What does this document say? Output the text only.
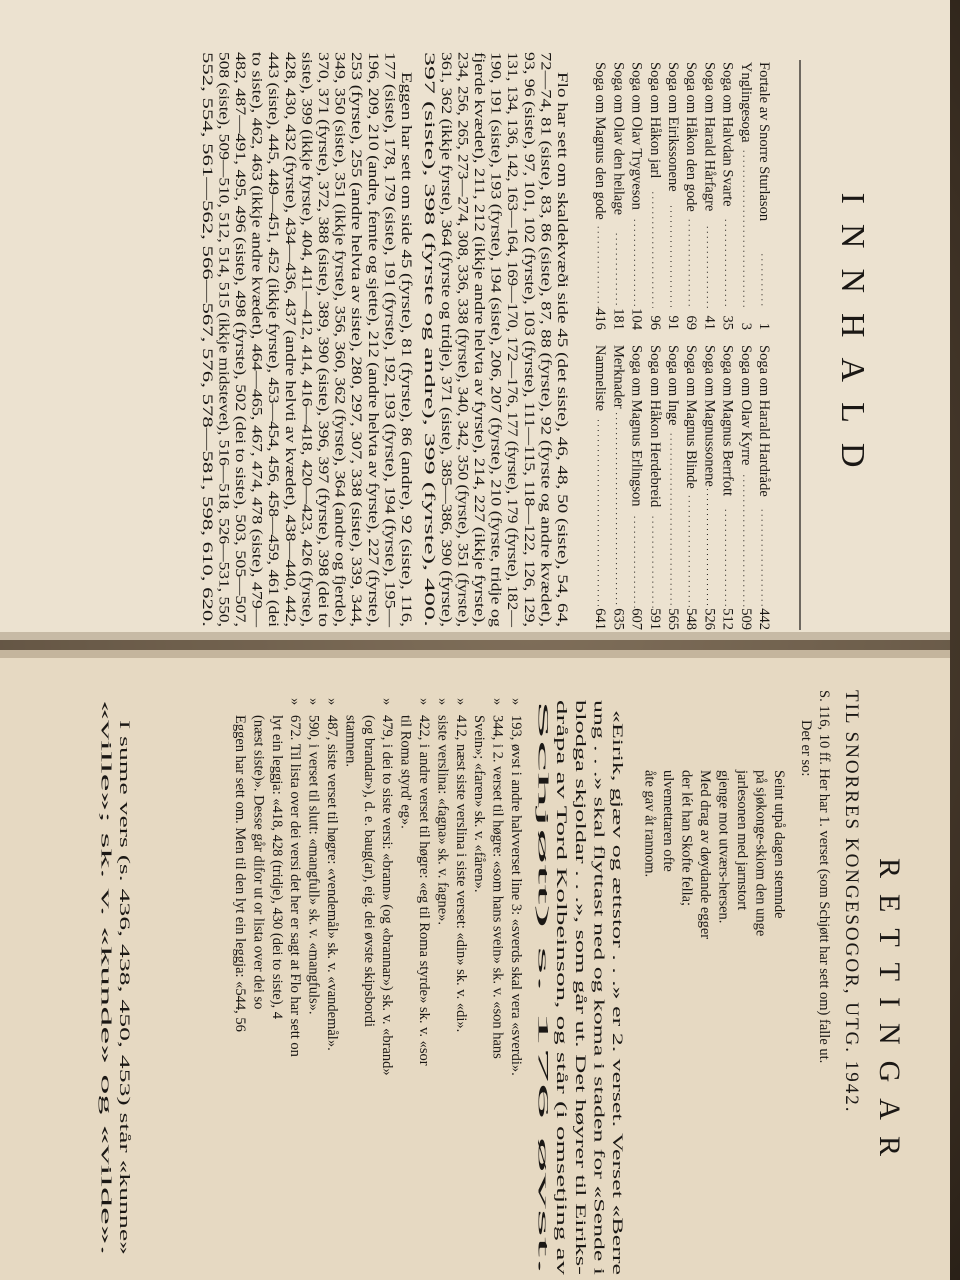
INNHALD
Fortale av Snorre Sturlason
1
Ynglingesoga
3
Soga om Halvdan Svarte
35
Soga om Harald Hårfagre
41
Soga om Håkon den gode
69
Soga om Eirikssonene
91
Soga om Håkon jarl
96
Soga om Olav Trygveson
104
Soga om Olav den heilage
181
Soga om Magnus den gode
416
Soga om Harald Hardråde
442
Soga om Olav Kyrre
509
Soga om Magnus Berrfott
512
Soga om Magnussonene
526
Soga om Magnus Blinde
548
Soga om Inge
565
Soga om Håkon Herdebreid
591
Soga om Magnus Erlingson
607
Merknader
635
Namneliste
641
Flo har sett om skaldekvæði side 45 (det siste), 46, 48, 50 (siste), 54, 64,
72—74, 81 (siste), 83, 86 (siste), 87, 88 (fyrste), 92 (fyrste og andre kvædet),
93, 96 (siste), 97, 101, 102 (fyrste), 103 (fyrste), 111—115, 118—122, 126, 129,
131, 134, 136, 142, 163—164, 169—170, 172—176, 177 (fyrste), 179 (fyrste), 182—
190, 191 (siste), 193 (fyrste), 194 (siste), 206, 207 (fyrste), 210 (fyrste, tridje og
fjerde kvædet), 211, 212 (ikkje andre helvta av fyrste), 214, 227 (ikkje fyrste),
234, 256, 265, 273—274, 308, 336, 338 (fyrste), 340, 342, 350 (fyrste), 351 (fyrste),
361, 362 (ikkje fyrste), 364 (fyrste og tridje), 371 (siste), 385—386, 390 (fyrste),
397 (siste), 398 (fyrste og andre), 399 (fyrste), 400.
Eggen har sett om side 45 (fyrste), 81 (fyrste), 86 (andre), 92 (siste), 116,
177 (siste), 178, 179 (siste), 191 (fyrste), 192, 193 (fyrste), 194 (fyrste), 195—
196, 209, 210 (andre, femte og sjette), 212 (andre helvta av fyrste), 227 (fyrste),
253 (fyrste), 255 (andre helvta av siste), 280, 297, 307, 338 (siste), 339, 344,
349, 350 (siste), 351 (ikkje fyrste), 356, 360, 362 (fyrste), 364 (andre og fjerde),
370, 371 (fyrste), 372, 388 (siste), 389, 390 (siste), 396, 397 (fyrste), 398 (dei to
siste), 399 (ikkje fyrste), 404, 411—412, 414, 416—418, 420—423, 426 (fyrste),
428, 430, 432 (fyrste), 434—436, 437 (andre helvti av kvædet), 438—440, 442,
443 (siste), 445, 449—451, 452 (ikkje fyrste), 453—454, 456, 458—459, 461 (dei
to siste), 462, 463 (ikkje andre kvædet), 464—465, 467, 474, 478 (siste), 479—
482, 487—491, 495, 496 (siste), 498 (fyrste), 502 (dei to siste), 503, 505—507,
508 (siste), 509—510, 512, 514, 515 (ikkje midstevet), 516—518, 526—531, 550,
552, 554, 561—562, 566—567, 576, 578—581, 598, 610, 620.
RETTINGAR
TIL SNORRES KONGESOGOR, UTG. 1942.
S. 116, 10 ff. Her har 1. verset (som Schjøtt har sett om) falle ut.
Det er so:
Seint utpå dagen stemnde
på sjøkonge-skiom den unge
jarlesonen med jarnstort
gjenge mot utværs-hersen.
Med drag av døydande egger
der lét han Skofte fella;
ulvemettaren ofte
åte gav åt rannom.
«Eirik, gjæv og ættstor . . .» er 2. verset. Verset «Berre
ung . . .» skal flyttast ned og koma i staden for «Sende i
blodga skjoldar . . .», som går ut. Det høyrer til Eiriks-
dråpa av Tord Kolbeinson, og står (i omsetjing av
Schjøtt) s. 176 øvst.
»
193, øvst i andre halvverset line 3: «sverds skal vera «sverdi».
»
344, i 2. verset til høgre: «som hans svein» sk. v. «son hans
Svein»; «faren» sk. v. «fåren».
»
412, næst siste verslina i siste verset: «din» sk. v. «di».
»
siste verslina: «fagna» sk. v. fagne».
»
422, i andre verset til høgre: «eg til Roma styrde» sk. v. «sor
til Roma styrd' eg».
»
479, i dei to siste versi: «brann» (og «brannar») sk. v. «brand»
(og brandar»), d. e. baug(ar), eig. dei øvste skipsbordi
stamnen.
»
487, siste verset til høgre: «vendemål» sk. v. «vandemål».
»
590, i verset til slutt: «mangfull» sk. v. «mangfuls».
»
672. Til lista over dei versi det her er sagt at Flo har sett on
lyt ein leggja: «418, 428 (tridje), 430 (dei to siste), 4
(næst siste)». Desse går difor ut or lista over dei so
Eggen har sett om. Men til den lyt ein leggja: «544, 56
I sume vers (s. 436, 438, 450, 453) står «kunne»
«ville»; sk. v. «kunde» og «vilde».
